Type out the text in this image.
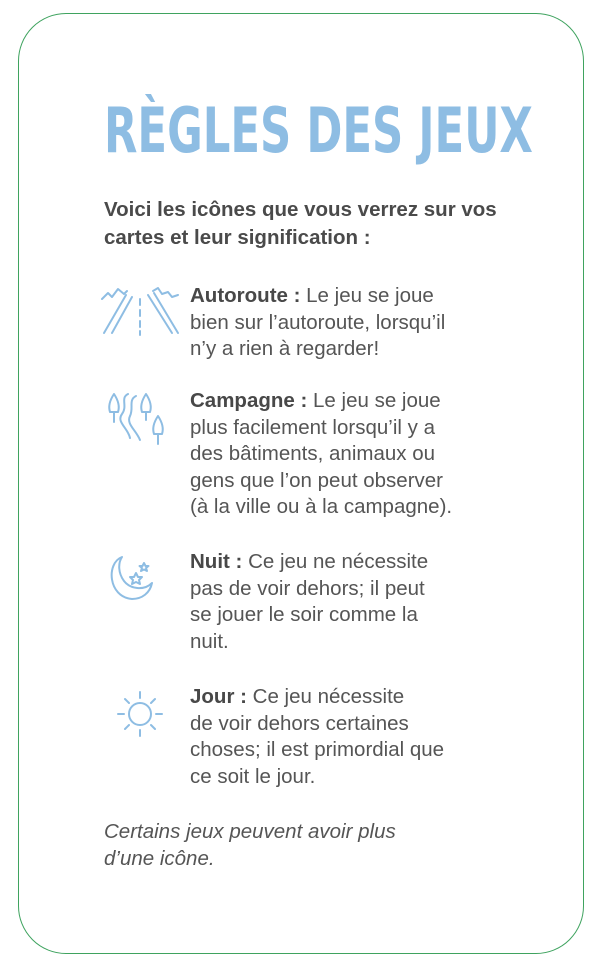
RÈGLES DES JEUX

Voici les icônes que vous verrez sur vos cartes et leur signification :

Autoroute : Le jeu se joue
bien sur l’autoroute, lorsqu’il
n’y a rien à regarder!
Campagne : Le jeu se joue
plus facilement lorsqu’il y a
des bâtiments, animaux ou
gens que l’on peut observer
(à la ville ou à la campagne).
Nuit : Ce jeu ne nécessite
pas de voir dehors; il peut
se jouer le soir comme la
nuit.
Jour : Ce jeu nécessite
de voir dehors certaines
choses; il est primordial que
ce soit le jour.

Certains jeux peuvent avoir plus
d’une icône.
